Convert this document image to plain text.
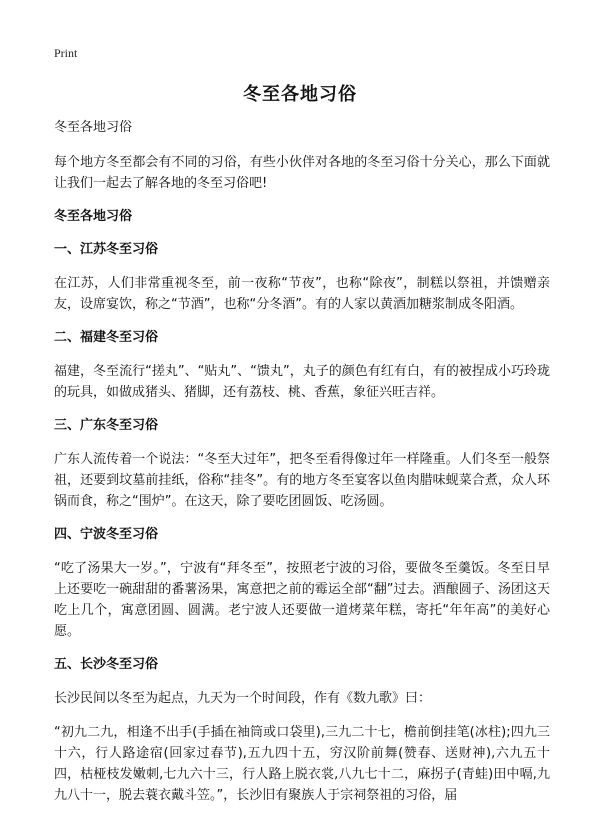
Print
冬至各地习俗
冬至各地习俗

每个地方冬至都会有不同的习俗，有些小伙伴对各地的冬至习俗十分关心，那么下面就让我们一起去了解各地的冬至习俗吧!

冬至各地习俗
一、江苏冬至习俗

在江苏，人们非常重视冬至，前一夜称“节夜”，也称“除夜”，制糕以祭祖，并馈赠亲友，设席宴饮，称之“节酒”，也称“分冬酒”。有的人家以黄酒加糖浆制成冬阳酒。

二、福建冬至习俗

福建，冬至流行“搓丸”、“贴丸”、“馈丸”，丸子的颜色有红有白，有的被捏成小巧玲珑的玩具，如做成猪头、猪脚，还有荔枝、桃、香蕉，象征兴旺吉祥。

三、广东冬至习俗

广东人流传着一个说法：“冬至大过年”，把冬至看得像过年一样隆重。人们冬至一般祭祖，还要到坟墓前挂纸，俗称“挂冬”。有的地方冬至宴客以鱼肉腊味蚬菜合煮，众人环锅而食，称之“围炉”。在这天，除了要吃团圆饭、吃汤圆。

四、宁波冬至习俗

“吃了汤果大一岁。”，宁波有“拜冬至”，按照老宁波的习俗，要做冬至羹饭。冬至日早上还要吃一碗甜甜的番薯汤果，寓意把之前的霉运全部“翻”过去。酒酿圆子、汤团这天吃上几个，寓意团圆、圆满。老宁波人还要做一道烤菜年糕，寄托“年年高”的美好心愿。

五、长沙冬至习俗

长沙民间以冬至为起点，九天为一个时间段，作有《数九歌》曰：

“初九二九，相逢不出手(手插在袖筒或口袋里),三九二十七，檐前倒挂笔(冰柱);四九三十六，行人路途宿(回家过春节),五九四十五，穷汉阶前舞(赞春、送财神),六九五十四，枯桠枝发嫩刺,七九六十三，行人路上脱衣裳,八九七十二，麻拐子(青蛙)田中嗝,九九八十一，脱去蓑衣戴斗笠。”，长沙旧有聚族人于宗祠祭祖的习俗，届
